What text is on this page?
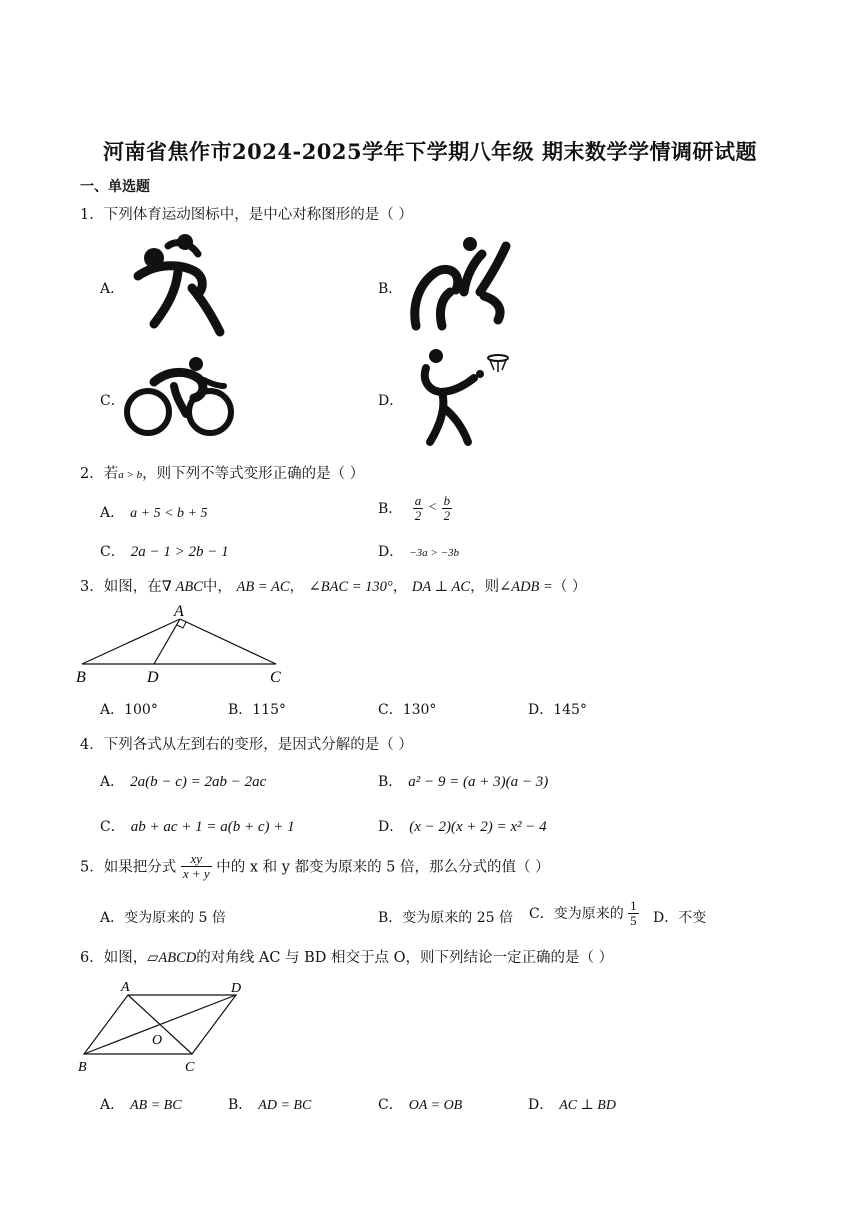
河南省焦作市2024-2025学年下学期八年级 期末数学学情调研试题
一、单选题
1．下列体育运动图标中，是中心对称图形的是（ ）
A．	B．
C．	D．
2．若a > b，则下列不等式变形正确的是（ ）
A． a + 5 < b + 5	B． $\frac{a}{2} < \frac{b}{2}$
C． 2a − 1 > 2b − 1	D． −3a > −3b
3．如图，在∇ ABC中， AB = AC， ∠BAC = 130°， DA ⊥ AC，则∠ADB =（ ）
A
B	D	C
A．100°	B．115°	C．130°	D．145°
4．下列各式从左到右的变形，是因式分解的是（ ）
A． 2a(b − c) = 2ab − 2ac	B． a² − 9 = (a + 3)(a − 3)
C． ab + ac + 1 = a(b + c) + 1	D． (x − 2)(x + 2) = x² − 4
5．如果把分式 $\frac{xy}{x + y}$ 中的 x 和 y 都变为原来的 5 倍，那么分式的值（ ）
A．变为原来的 5 倍	B．变为原来的 25 倍 C．变为原来的 $\frac{1}{5}$ D．不变
6．如图，▱ABCD的对角线 AC 与 BD 相交于点 O，则下列结论一定正确的是（ ）
A	D
B	C
O
A． AB = BC	B． AD = BC	C． OA = OB	D． AC ⊥ BD
